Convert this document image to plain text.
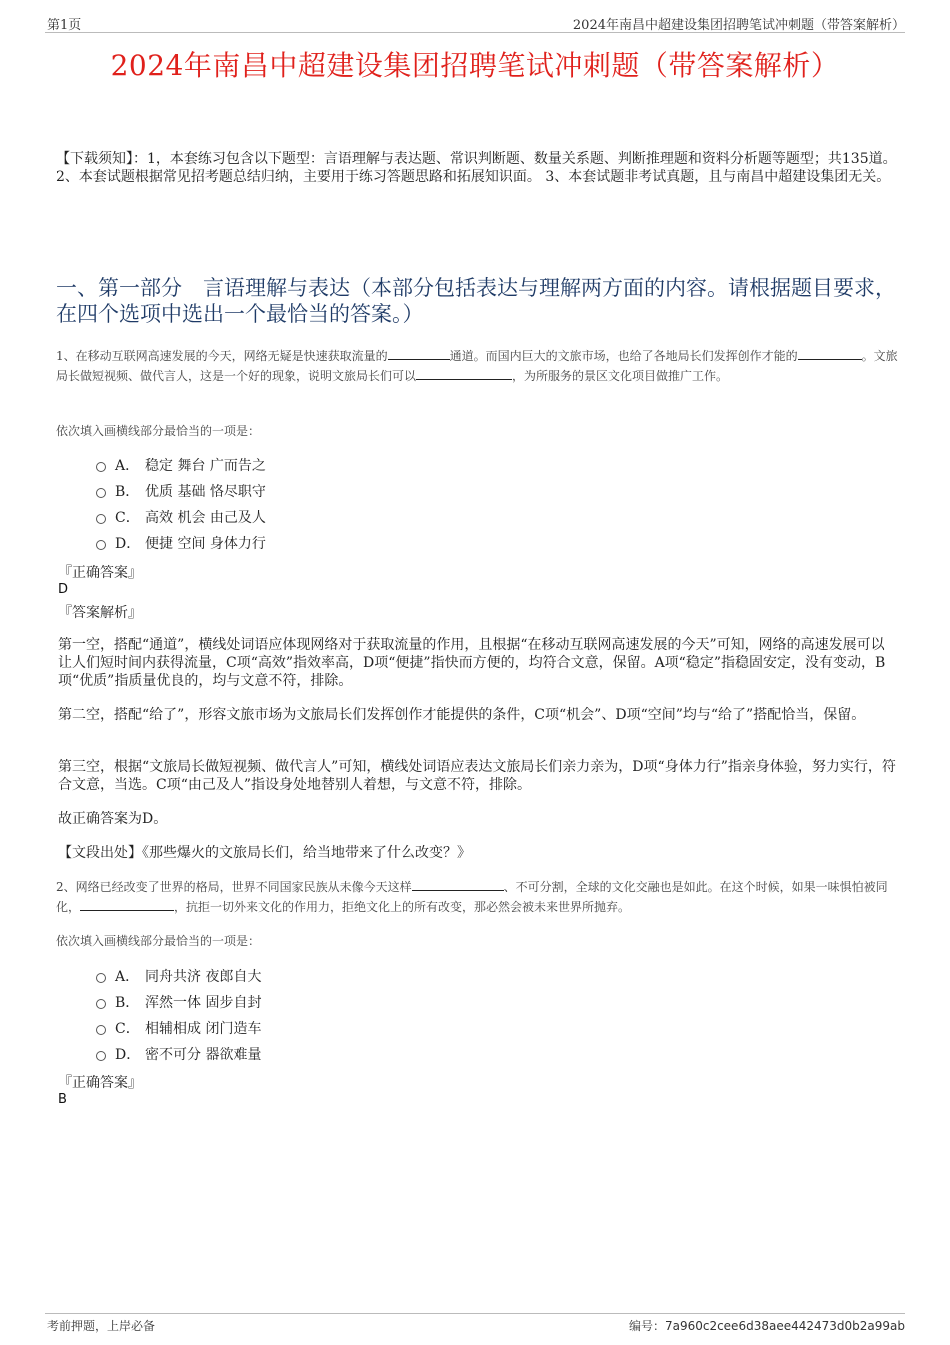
第1页	2024年南昌中超建设集团招聘笔试冲刺题（带答案解析）
2024年南昌中超建设集团招聘笔试冲刺题（带答案解析）
【下载须知】：1，本套练习包含以下题型：言语理解与表达题、常识判断题、数量关系题、判断推理题和资料分析题等题型；共135道。 2、本套试题根据常见招考题总结归纳，主要用于练习答题思路和拓展知识面。 3、本套试题非考试真题，且与南昌中超建设集团无关。
一、第一部分　言语理解与表达（本部分包括表达与理解两方面的内容。请根据题目要求，在四个选项中选出一个最恰当的答案。）
1、在移动互联网高速发展的今天，网络无疑是快速获取流量的	通道。而国内巨大的文旅市场，也给了各地局长们发挥创作才能的	。文旅局长做短视频、做代言人，这是一个好的现象，说明文旅局长们可以	，为所服务的景区文化项目做推广工作。
依次填入画横线部分最恰当的一项是：
A． 稳定 舞台 广而告之
B． 优质 基础 恪尽职守
C． 高效 机会 由己及人
D． 便捷 空间 身体力行
『正确答案』
D
『答案解析』
第一空，搭配“通道”，横线处词语应体现网络对于获取流量的作用，且根据“在移动互联网高速发展的今天”可知，网络的高速发展可以让人们短时间内获得流量，C项“高效”指效率高，D项“便捷”指快而方便的，均符合文意，保留。A项“稳定”指稳固安定，没有变动，B项“优质”指质量优良的，均与文意不符，排除。
第二空，搭配“给了”，形容文旅市场为文旅局长们发挥创作才能提供的条件，C项“机会”、D项“空间”均与“给了”搭配恰当，保留。
第三空，根据“文旅局长做短视频、做代言人”可知，横线处词语应表达文旅局长们亲力亲为，D项“身体力行”指亲身体验，努力实行，符合文意，当选。C项“由己及人”指设身处地替别人着想，与文意不符，排除。
故正确答案为D。
【文段出处】《那些爆火的文旅局长们，给当地带来了什么改变？》
2、网络已经改变了世界的格局，世界不同国家民族从未像今天这样	、不可分割，全球的文化交融也是如此。在这个时候，如果一味惧怕被同化，	，抗拒一切外来文化的作用力，拒绝文化上的所有改变，那必然会被未来世界所抛弃。
依次填入画横线部分最恰当的一项是：
A． 同舟共济 夜郎自大
B． 浑然一体 固步自封
C． 相辅相成 闭门造车
D． 密不可分 器欲难量
『正确答案』
B
考前押题，上岸必备	编号：7a960c2cee6d38aee442473d0b2a99ab
